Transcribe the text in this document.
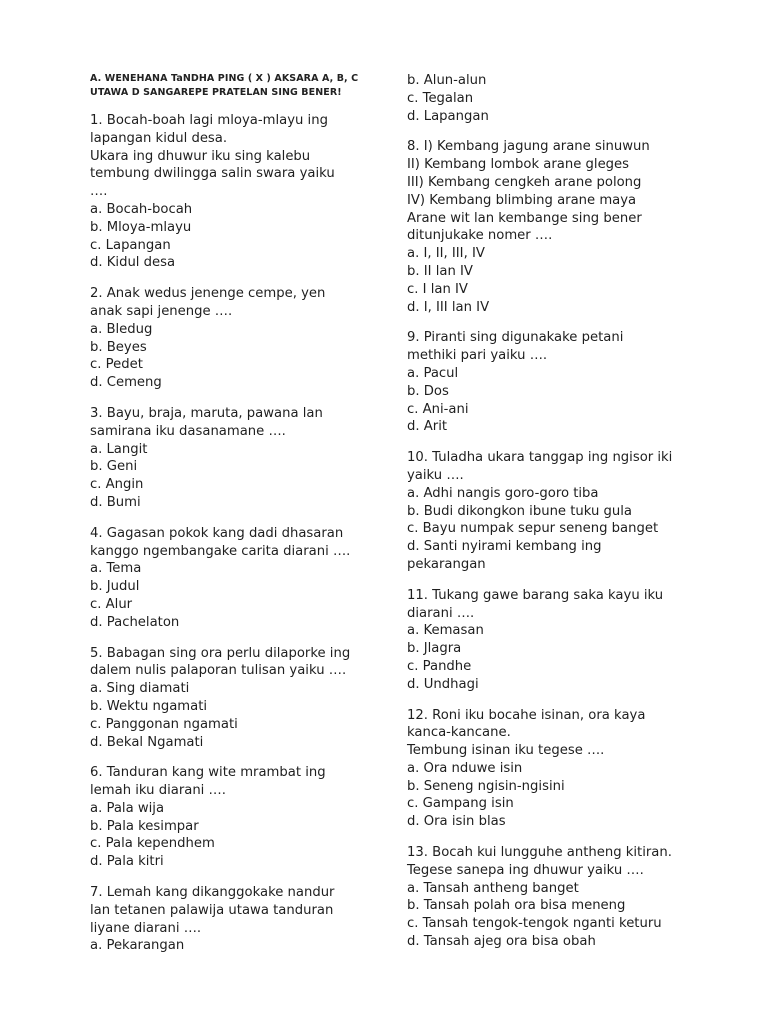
A. WENEHANA TaNDHA PING ( X ) AKSARA A, B, C
UTAWA D SANGAREPE PRATELAN SING BENER!
1. Bocah-boah lagi mloya-mlayu ing
lapangan kidul desa.
Ukara ing dhuwur iku sing kalebu
tembung dwilingga salin swara yaiku
….
a. Bocah-bocah
b. Mloya-mlayu
c. Lapangan
d. Kidul desa
2. Anak wedus jenenge cempe, yen
anak sapi jenenge ….
a. Bledug
b. Beyes
c. Pedet
d. Cemeng
3. Bayu, braja, maruta, pawana lan
samirana iku dasanamane ….
a. Langit
b. Geni
c. Angin
d. Bumi
4. Gagasan pokok kang dadi dhasaran
kanggo ngembangake carita diarani ….
a. Tema
b. Judul
c. Alur
d. Pachelaton
5. Babagan sing ora perlu dilaporke ing
dalem nulis palaporan tulisan yaiku ….
a. Sing diamati
b. Wektu ngamati
c. Panggonan ngamati
d. Bekal Ngamati
6. Tanduran kang wite mrambat ing
lemah iku diarani ….
a. Pala wija
b. Pala kesimpar
c. Pala kependhem
d. Pala kitri
7. Lemah kang dikanggokake nandur
lan tetanen palawija utawa tanduran
liyane diarani ….
a. Pekarangan
b. Alun-alun
c. Tegalan
d. Lapangan
8. I) Kembang jagung arane sinuwun
II) Kembang lombok arane gleges
III) Kembang cengkeh arane polong
IV) Kembang blimbing arane maya
Arane wit lan kembange sing bener
ditunjukake nomer ….
a. I, II, III, IV
b. II lan IV
c. I lan IV
d. I, III lan IV
9. Piranti sing digunakake petani
methiki pari yaiku ….
a. Pacul
b. Dos
c. Ani-ani
d. Arit
10. Tuladha ukara tanggap ing ngisor iki
yaiku ….
a. Adhi nangis goro-goro tiba
b. Budi dikongkon ibune tuku gula
c. Bayu numpak sepur seneng banget
d. Santi nyirami kembang ing
pekarangan
11. Tukang gawe barang saka kayu iku
diarani ….
a. Kemasan
b. Jlagra
c. Pandhe
d. Undhagi
12. Roni iku bocahe isinan, ora kaya
kanca-kancane.
Tembung isinan iku tegese ….
a. Ora nduwe isin
b. Seneng ngisin-ngisini
c. Gampang isin
d. Ora isin blas
13. Bocah kui lungguhe antheng kitiran.
Tegese sanepa ing dhuwur yaiku ….
a. Tansah antheng banget
b. Tansah polah ora bisa meneng
c. Tansah tengok-tengok nganti keturu
d. Tansah ajeg ora bisa obah
